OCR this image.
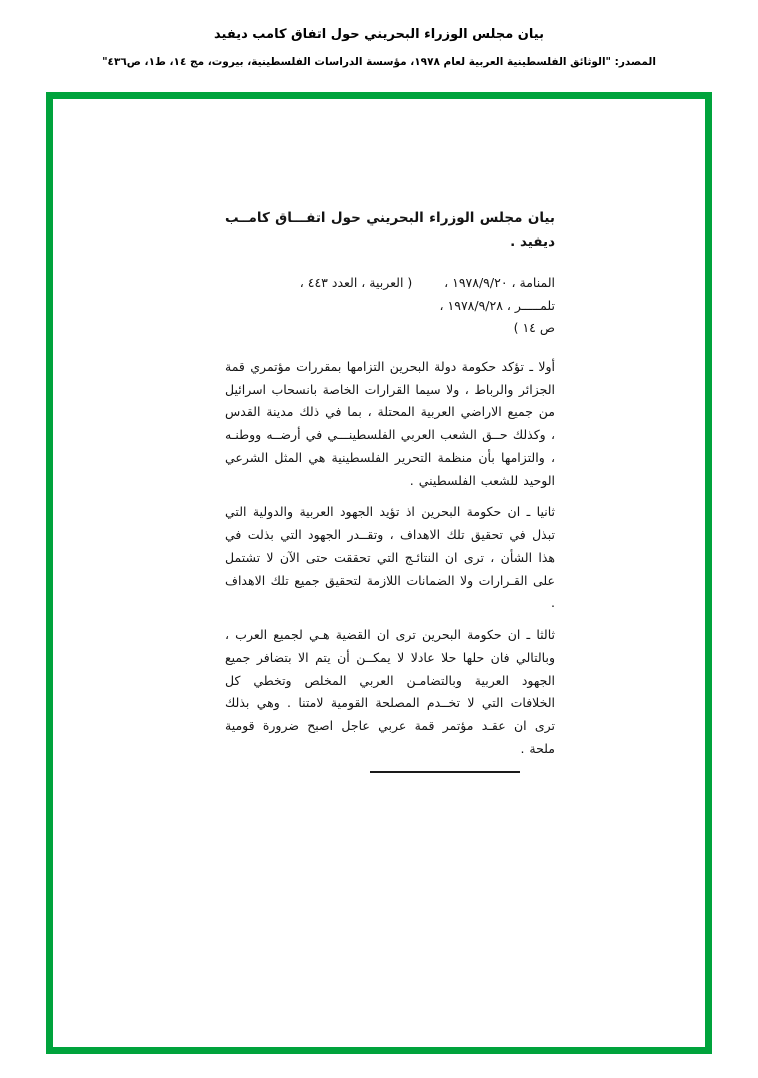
بيان مجلس الوزراء البحريني حول اتفاق كامب ديفيد
المصدر: "الوثائق الفلسطينية العربية لعام ١٩٧٨، مؤسسة الدراسات الفلسطينية، بيروت، مج ١٤، ط١، ص٤٣٦"
بيان مجلس الوزراء البحريني حول اتفـــاق كامــب ديفيد .
المنامة ، ١٩٧٨/٩/٢٠ ،        ( العربية ، العدد ٤٤٣ ،
تلمـــــر ، ١٩٧٨/٩/٢٨ ،
ص ١٤ )
أولا ـ تؤكد حكومة دولة البحرين التزامها بمقررات مؤتمري قمة الجزائر والرباط ، ولا سيما القرارات الخاصة بانسحاب اسرائيل من جميع الاراضي العربية المحتلة ، بما في ذلك مدينة القدس ، وكذلك حــق الشعب العربي الفلسطينـــي في أرضــه ووطنـه ، والتزامها بأن منظمة التحرير الفلسطينية هي المثل الشرعي الوحيد للشعب الفلسطيني .
ثانيا ـ ان حكومة البحرين اذ تؤيد الجهود العربية والدولية التي تبذل في تحقيق تلك الاهداف ، وتقــدر الجهود التي بذلت في هذا الشأن ، ترى ان النتائـج التي تحققت حتى الآن لا تشتمل على القـرارات ولا الضمانات اللازمة لتحقيق جميع تلك الاهداف .
ثالثا ـ ان حكومة البحرين ترى ان القضية هـي لجميع العرب ، وبالتالي فان حلها حلا عادلا لا يمكــن أن يتم الا بتضافر جميع الجهود العربية وبالتضامـن العربي المخلص وتخطي كل الخلافات التي لا تخــدم المصلحة القومية لامتنا . وهي بذلك ترى ان عقـد مؤتمر قمة عربي عاجل اصبح ضرورة قومية ملحة .
